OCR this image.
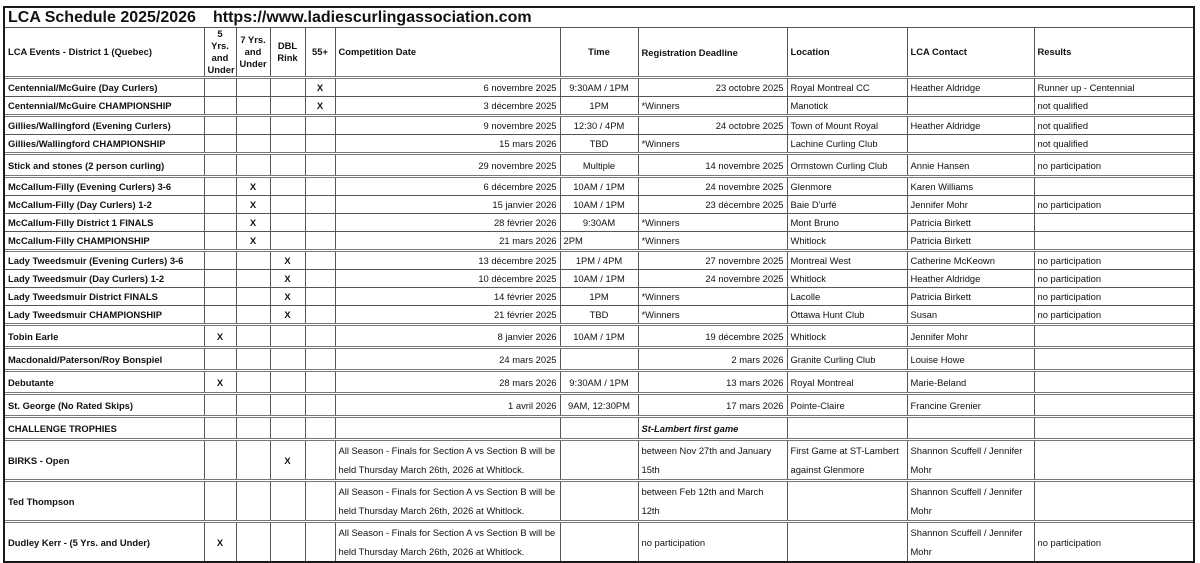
LCA Schedule 2025/2026	https://www.ladiescurlingassociation.com
LCA Events - District 1 (Quebec)	5 Yrs. and Under	7 Yrs. and Under	DBL Rink	55+	Competition Date	Time	Registration Deadline	Location	LCA Contact	Results
Centennial/McGuire (Day Curlers)				X	6 novembre 2025	9:30AM / 1PM	23 octobre 2025	Royal Montreal CC	Heather Aldridge	Runner up - Centennial
Centennial/McGuire CHAMPIONSHIP				X	3 décembre 2025	1PM	*Winners	Manotick		not qualified
Gillies/Wallingford (Evening Curlers)					9 novembre 2025	12:30 / 4PM	24 octobre 2025	Town of Mount Royal	Heather Aldridge	not qualified
Gillies/Wallingford CHAMPIONSHIP					15 mars 2026	TBD	*Winners	Lachine Curling Club		not qualified
Stick and stones (2 person curling)					29 novembre 2025	Multiple	14 novembre 2025	Ormstown Curling Club	Annie Hansen	no participation
McCallum-Filly (Evening Curlers) 3-6		X			6 décembre 2025	10AM / 1PM	24 novembre 2025	Glenmore	Karen Williams	
McCallum-Filly (Day Curlers) 1-2		X			15 janvier 2026	10AM / 1PM	23 décembre 2025	Baie D'urfé	Jennifer Mohr	no participation
McCallum-Filly District 1 FINALS		X			28 février 2026	9:30AM	*Winners	Mont Bruno	Patricia Birkett	
McCallum-Filly CHAMPIONSHIP		X			21 mars 2026	2PM	*Winners	Whitlock	Patricia Birkett	
Lady Tweedsmuir (Evening Curlers) 3-6			X		13 décembre 2025	1PM / 4PM	27 novembre 2025	Montreal West	Catherine McKeown	no participation
Lady Tweedsmuir (Day Curlers) 1-2			X		10 décembre 2025	10AM / 1PM	24 novembre 2025	Whitlock	Heather Aldridge	no participation
Lady Tweedsmuir District FINALS			X		14 février 2025	1PM	*Winners	Lacolle	Patricia Birkett	no participation
Lady Tweedsmuir CHAMPIONSHIP			X		21 février 2025	TBD	*Winners	Ottawa Hunt Club	Susan	no participation
Tobin Earle	X				8 janvier 2026	10AM / 1PM	19 décembre 2025	Whitlock	Jennifer Mohr	
Macdonald/Paterson/Roy Bonspiel					24 mars 2025		2 mars 2026	Granite Curling Club	Louise Howe	
Debutante	X				28 mars 2026	9:30AM / 1PM	13 mars 2026	Royal Montreal	Marie-Beland	
St. George (No Rated Skips)					1 avril 2026	9AM, 12:30PM	17 mars 2026	Pointe-Claire	Francine Grenier	
CHALLENGE TROPHIES							St-Lambert first game			
BIRKS - Open			X		All Season - Finals for Section A vs Section B will be held Thursday March 26th, 2026 at Whitlock.		between Nov 27th and January 15th	First Game at ST-Lambert against Glenmore	Shannon Scuffell / Jennifer Mohr	
Ted Thompson					All Season - Finals for Section A vs Section B will be held Thursday March 26th, 2026 at Whitlock.		between Feb 12th and March 12th		Shannon Scuffell / Jennifer Mohr	
Dudley Kerr - (5 Yrs. and Under)	X				All Season - Finals for Section A vs Section B will be held Thursday March 26th, 2026 at Whitlock.		no participation		Shannon Scuffell / Jennifer Mohr	no participation
